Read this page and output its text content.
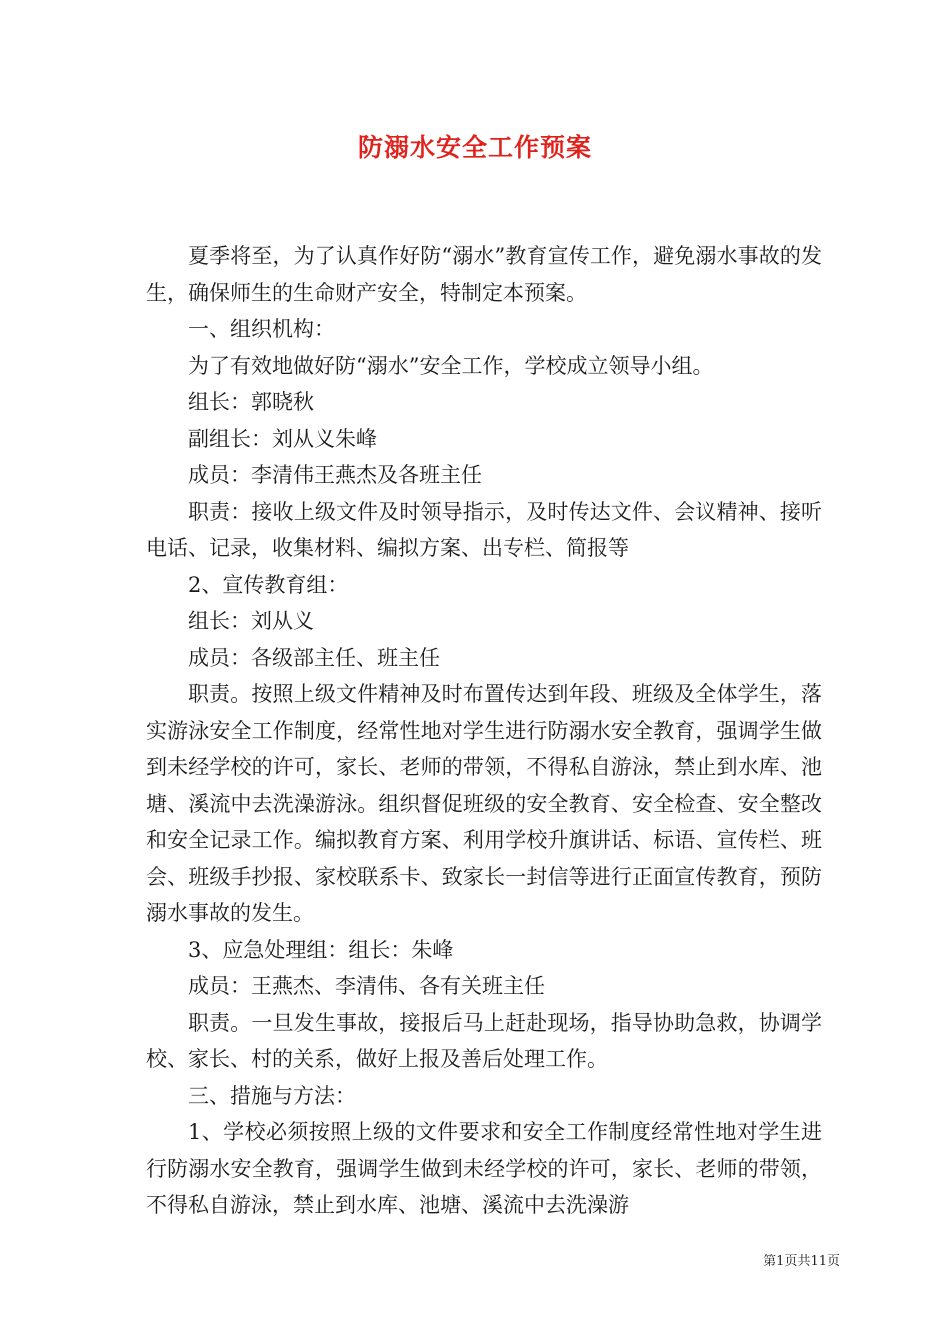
防溺水安全工作预案

夏季将至，为了认真作好防“溺水”教育宣传工作，避免溺水事故的发生，确保师生的生命财产安全，特制定本预案。

一、组织机构：

为了有效地做好防“溺水”安全工作，学校成立领导小组。

组长：郭晓秋

副组长：刘从义朱峰

成员：李清伟王燕杰及各班主任

职责：接收上级文件及时领导指示，及时传达文件、会议精神、接听电话、记录，收集材料、编拟方案、出专栏、简报等

2、宣传教育组：

组长：刘从义

成员：各级部主任、班主任

职责。按照上级文件精神及时布置传达到年段、班级及全体学生，落实游泳安全工作制度，经常性地对学生进行防溺水安全教育，强调学生做到未经学校的许可，家长、老师的带领，不得私自游泳，禁止到水库、池塘、溪流中去洗澡游泳。组织督促班级的安全教育、安全检查、安全整改和安全记录工作。编拟教育方案、利用学校升旗讲话、标语、宣传栏、班会、班级手抄报、家校联系卡、致家长一封信等进行正面宣传教育，预防溺水事故的发生。

3、应急处理组：组长：朱峰

成员：王燕杰、李清伟、各有关班主任

职责。一旦发生事故，接报后马上赶赴现场，指导协助急救，协调学校、家长、村的关系，做好上报及善后处理工作。

三、措施与方法：

1、学校必须按照上级的文件要求和安全工作制度经常性地对学生进行防溺水安全教育，强调学生做到未经学校的许可，家长、老师的带领，不得私自游泳，禁止到水库、池塘、溪流中去洗澡游

第1页共11页
